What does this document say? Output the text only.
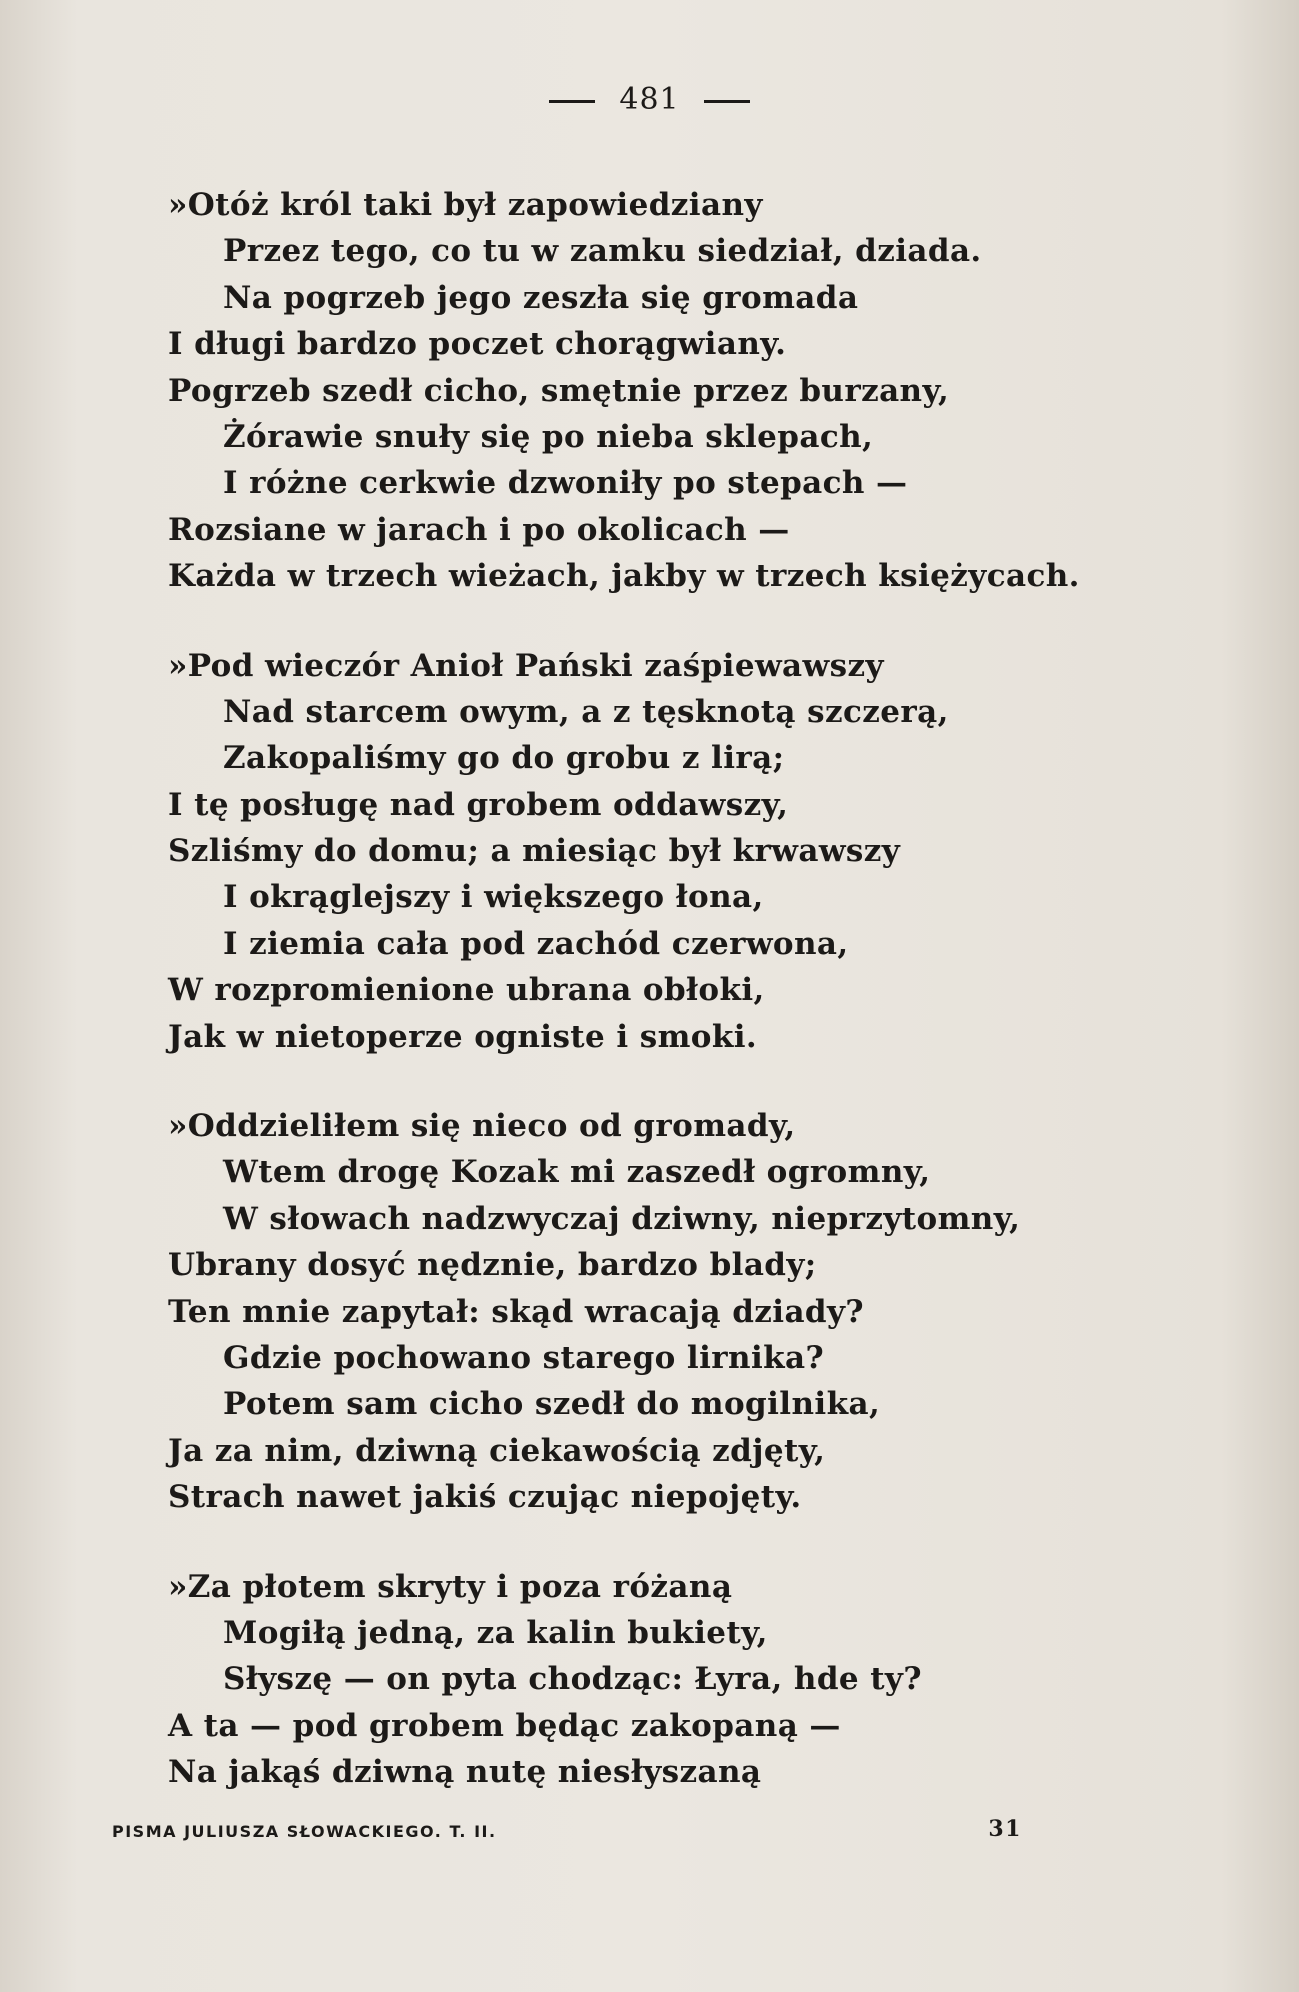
481
»Otóż król taki był zapowiedziany
Przez tego, co tu w zamku siedział, dziada.
Na pogrzeb jego zeszła się gromada
I długi bardzo poczet chorągwiany.
Pogrzeb szedł cicho, smętnie przez burzany,
Żórawie snuły się po nieba sklepach,
I różne cerkwie dzwoniły po stepach —
Rozsiane w jarach i po okolicach —
Każda w trzech wieżach, jakby w trzech księżycach.
»Pod wieczór Anioł Pański zaśpiewawszy
Nad starcem owym, a z tęsknotą szczerą,
Zakopaliśmy go do grobu z lirą;
I tę posługę nad grobem oddawszy,
Szliśmy do domu; a miesiąc był krwawszy
I okrąglejszy i większego łona,
I ziemia cała pod zachód czerwona,
W rozpromienione ubrana obłoki,
Jak w nietoperze ogniste i smoki.
»Oddzieliłem się nieco od gromady,
Wtem drogę Kozak mi zaszedł ogromny,
W słowach nadzwyczaj dziwny, nieprzytomny,
Ubrany dosyć nędznie, bardzo blady;
Ten mnie zapytał: skąd wracają dziady?
Gdzie pochowano starego lirnika?
Potem sam cicho szedł do mogilnika,
Ja za nim, dziwną ciekawością zdjęty,
Strach nawet jakiś czując niepojęty.
»Za płotem skryty i poza różaną
Mogiłą jedną, za kalin bukiety,
Słyszę — on pyta chodząc: Łyra, hde ty?
A ta — pod grobem będąc zakopaną —
Na jakąś dziwną nutę niesłyszaną
PISMA JULIUSZA SŁOWACKIEGO. T. II.	31
